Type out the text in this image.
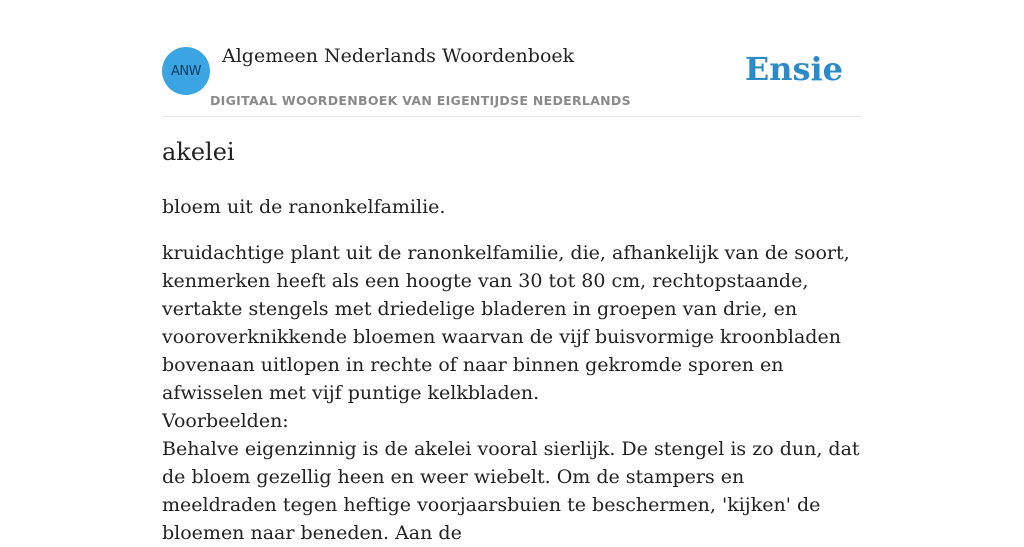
ANW
Algemeen Nederlands Woordenboek
DIGITAAL WOORDENBOEK VAN EIGENTIJDSE NEDERLANDS
Ensie
akelei
bloem uit de ranonkelfamilie.
kruidachtige plant uit de ranonkelfamilie, die, afhankelijk van de soort, kenmerken heeft als een hoogte van 30 tot 80 cm, rechtopstaande, vertakte stengels met driedelige bladeren in groepen van drie, en vooroverknikkende bloemen waarvan de vijf buisvormige kroonbladen bovenaan uitlopen in rechte of naar binnen gekromde sporen en afwisselen met vijf puntige kelkbladen.
Voorbeelden:
Behalve eigenzinnig is de akelei vooral sierlijk. De stengel is zo dun, dat de bloem gezellig heen en weer wiebelt. Om de stampers en meeldraden tegen heftige voorjaarsbuien te beschermen, 'kijken' de bloemen naar beneden. Aan de
